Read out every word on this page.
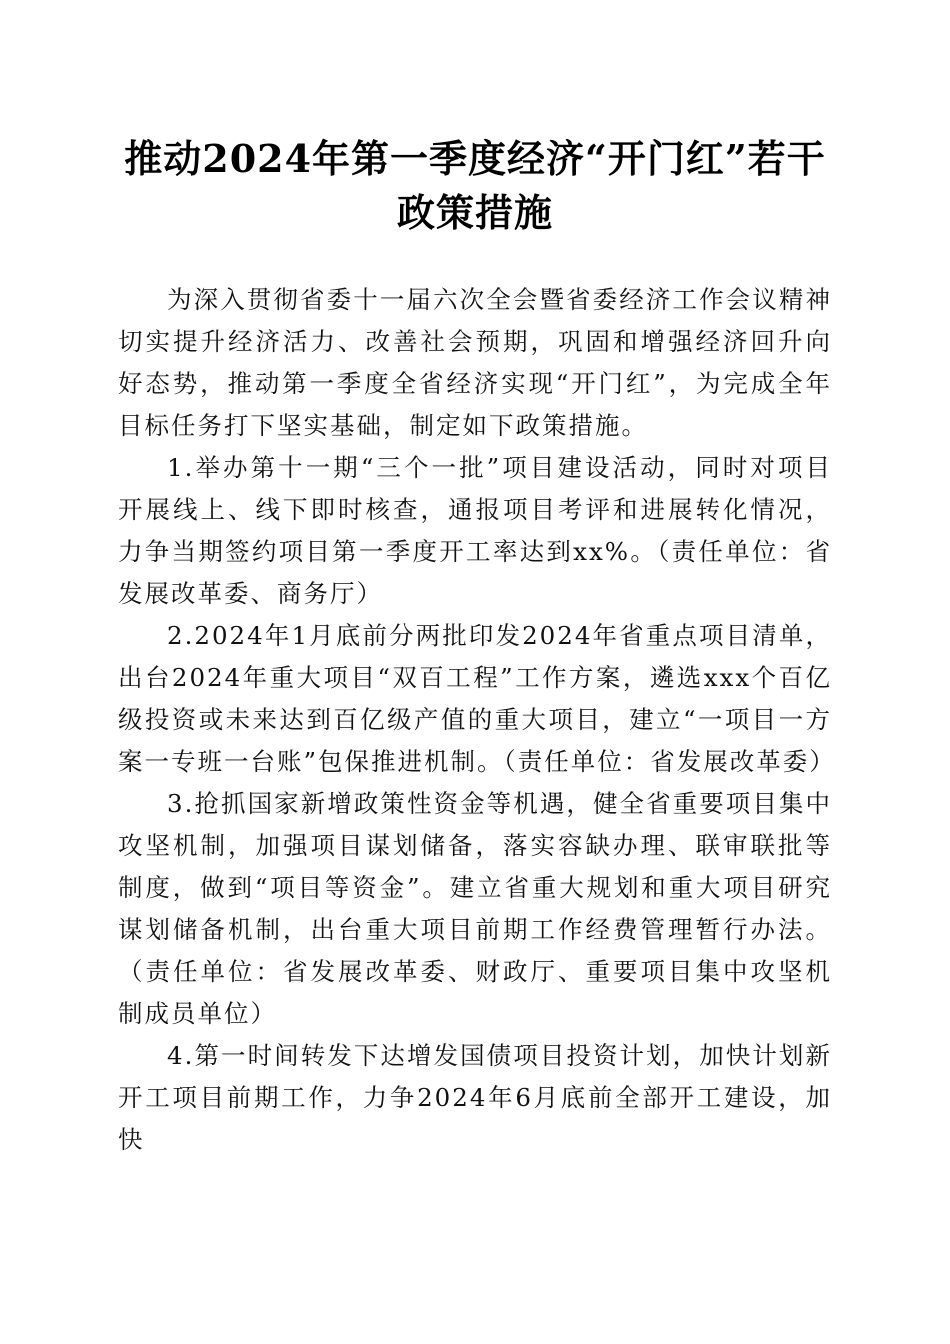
推动2024年第一季度经济“开门红”若干政策措施

为深入贯彻省委十一届六次全会暨省委经济工作会议精神切实提升经济活力、改善社会预期，巩固和增强经济回升向好态势，推动第一季度全省经济实现“开门红”，为完成全年目标任务打下坚实基础，制定如下政策措施。

1.举办第十一期“三个一批”项目建设活动，同时对项目开展线上、线下即时核查，通报项目考评和进展转化情况，力争当期签约项目第一季度开工率达到xx%。（责任单位：省发展改革委、商务厅）

2.2024年1月底前分两批印发2024年省重点项目清单，出台2024年重大项目“双百工程”工作方案，遴选xxx个百亿级投资或未来达到百亿级产值的重大项目，建立“一项目一方案一专班一台账”包保推进机制。（责任单位：省发展改革委）

3.抢抓国家新增政策性资金等机遇，健全省重要项目集中攻坚机制，加强项目谋划储备，落实容缺办理、联审联批等制度，做到“项目等资金”。建立省重大规划和重大项目研究谋划储备机制，出台重大项目前期工作经费管理暂行办法。（责任单位：省发展改革委、财政厅、重要项目集中攻坚机制成员单位）

4.第一时间转发下达增发国债项目投资计划，加快计划新开工项目前期工作，力争2024年6月底前全部开工建设，加快
